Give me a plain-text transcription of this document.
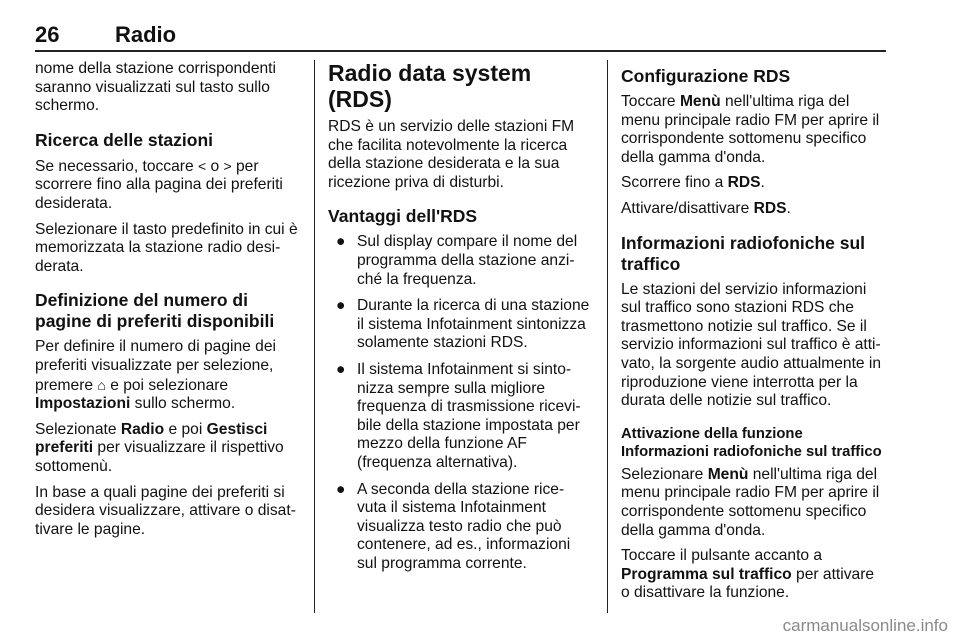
26	Radio

nome della stazione corrispondenti saranno visualizzati sul tasto sullo schermo.

Ricerca delle stazioni

Se necessario, toccare < o > per scorrere fino alla pagina dei preferiti desiderata.

Selezionare il tasto predefinito in cui è memorizzata la stazione radio desi- derata.

Definizione del numero di pagine di preferiti disponibili

Per definire il numero di pagine dei preferiti visualizzate per selezione, premere ⌂ e poi selezionare Impostazioni sullo schermo.

Selezionate Radio e poi Gestisci preferiti per visualizzare il rispettivo sottomenù.

In base a quali pagine dei preferiti si desidera visualizzare, attivare o disat- tivare le pagine.

Radio data system (RDS)

RDS è un servizio delle stazioni FM che facilita notevolmente la ricerca della stazione desiderata e la sua ricezione priva di disturbi.

Vantaggi dell'RDS
● Sul display compare il nome del programma della stazione anzi- ché la frequenza.
● Durante la ricerca di una stazione il sistema Infotainment sintonizza solamente stazioni RDS.
● Il sistema Infotainment si sinto- nizza sempre sulla migliore frequenza di trasmissione ricevi- bile della stazione impostata per mezzo della funzione AF (frequenza alternativa).
● A seconda della stazione rice- vuta il sistema Infotainment visualizza testo radio che può contenere, ad es., informazioni sul programma corrente.
Configurazione RDS

Toccare Menù nell'ultima riga del menu principale radio FM per aprire il corrispondente sottomenu specifico della gamma d'onda.

Scorrere fino a RDS.

Attivare/disattivare RDS.

Informazioni radiofoniche sul traffico

Le stazioni del servizio informazioni sul traffico sono stazioni RDS che trasmettono notizie sul traffico. Se il servizio informazioni sul traffico è atti- vato, la sorgente audio attualmente in riproduzione viene interrotta per la durata delle notizie sul traffico.

Attivazione della funzione Informazioni radiofoniche sul traffico

Selezionare Menù nell'ultima riga del menu principale radio FM per aprire il corrispondente sottomenu specifico della gamma d'onda.

Toccare il pulsante accanto a Programma sul traffico per attivare o disattivare la funzione.

carmanualsonline.info
